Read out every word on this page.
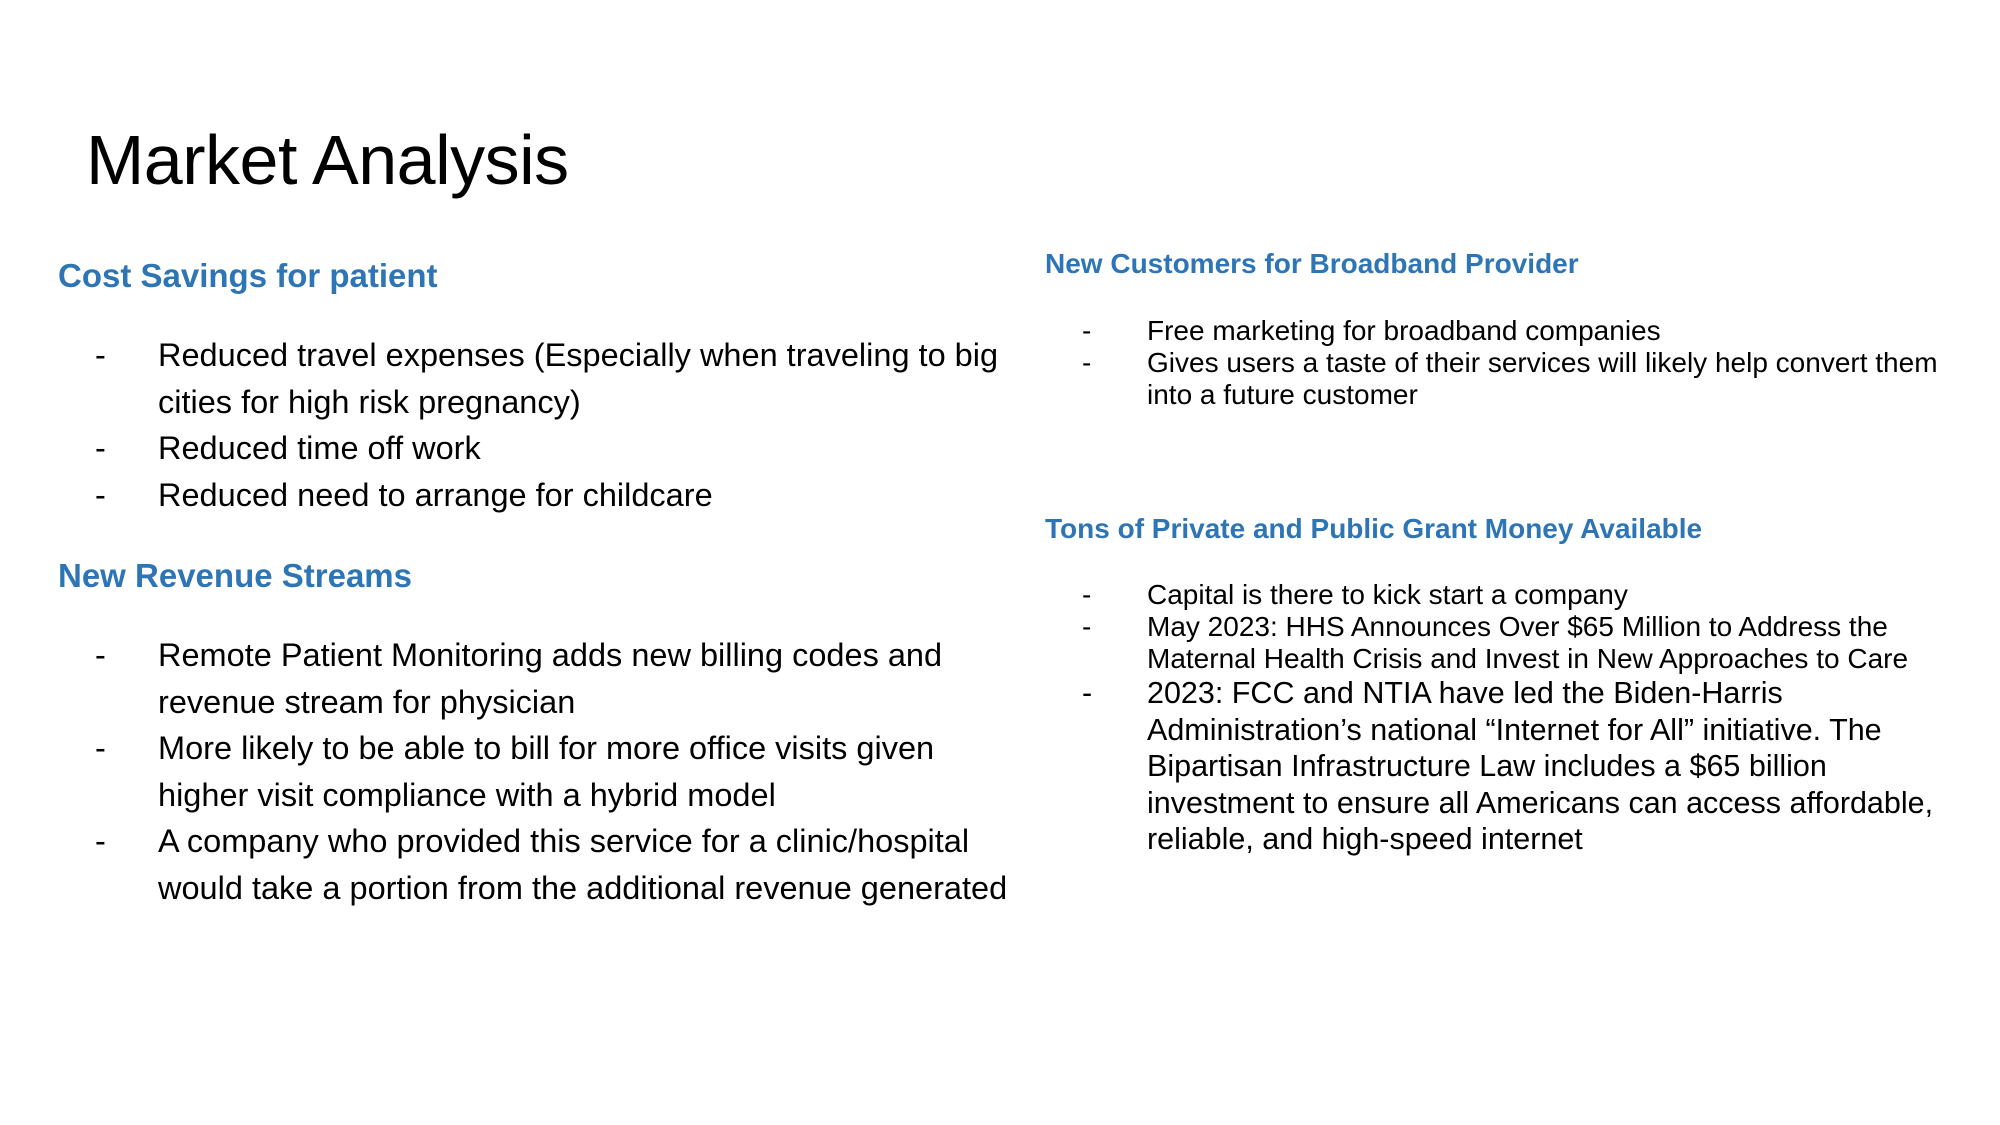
Market Analysis
Cost Savings for patient
- Reduced travel expenses (Especially when traveling to big cities for high risk pregnancy)
- Reduced time off work
- Reduced need to arrange for childcare
New Revenue Streams
- Remote Patient Monitoring adds new billing codes and revenue stream for physician
- More likely to be able to bill for more office visits given higher visit compliance with a hybrid model
- A company who provided this service for a clinic/hospital would take a portion from the additional revenue generated
New Customers for Broadband Provider
- Free marketing for broadband companies
- Gives users a taste of their services will likely help convert them into a future customer
Tons of Private and Public Grant Money Available
- Capital is there to kick start a company
- May 2023: HHS Announces Over $65 Million to Address the Maternal Health Crisis and Invest in New Approaches to Care
- 2023: FCC and NTIA have led the Biden-Harris Administration’s national “Internet for All” initiative. The Bipartisan Infrastructure Law includes a $65 billion investment to ensure all Americans can access affordable, reliable, and high-speed internet
